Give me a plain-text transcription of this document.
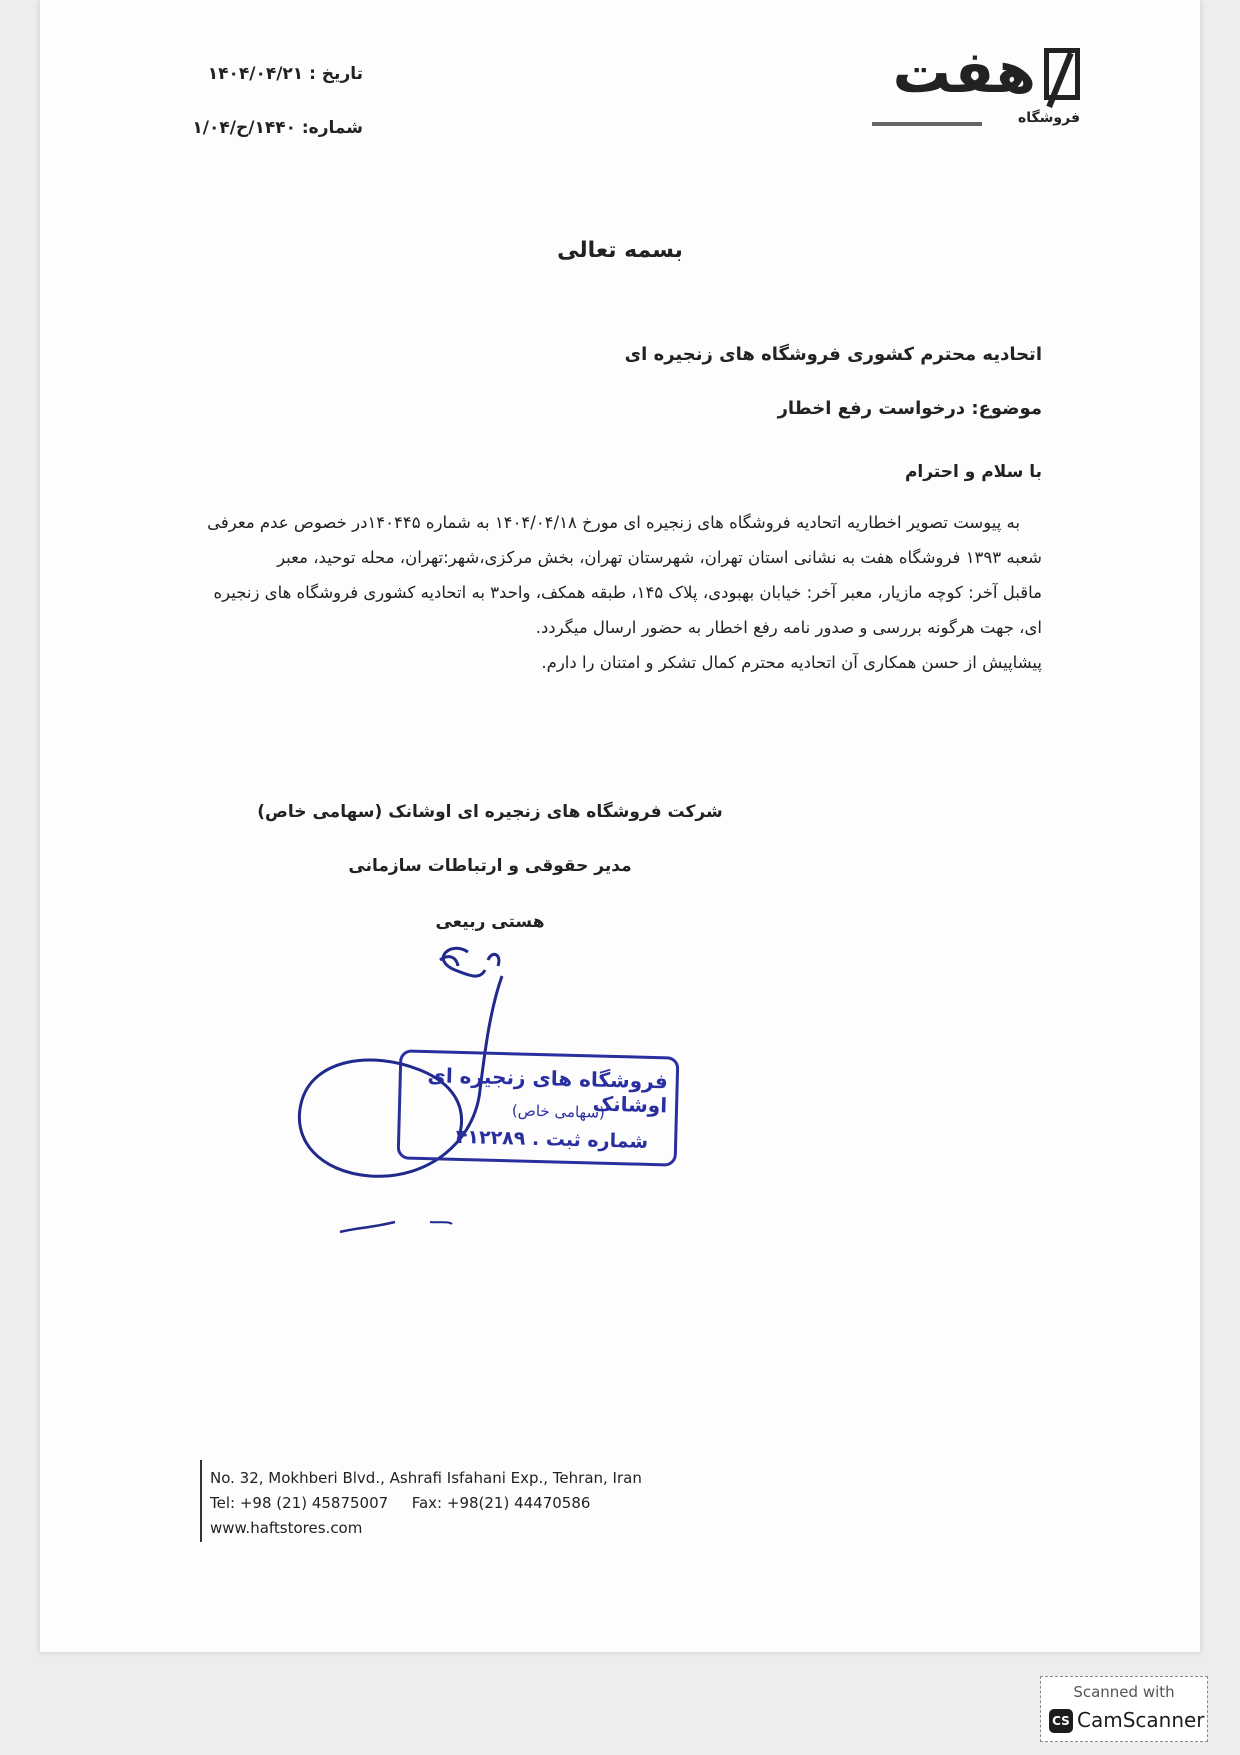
هفت
فروشگاه
تاریخ : ۱۴۰۴/۰۴/۲۱
شماره: ۱۴۴۰/ح/۱/۰۴
بسمه تعالی
اتحادیه محترم کشوری فروشگاه های زنجیره ای
موضوع: درخواست رفع اخطار
با سلام و احترام

به پیوست تصویر اخطاریه اتحادیه فروشگاه های زنجیره ای مورخ ۱۴۰۴/۰۴/۱۸ به شماره ۱۴۰۴۴۵در خصوص عدم معرفی

شعبه ۱۳۹۳ فروشگاه هفت به نشانی استان تهران، شهرستان تهران، بخش مرکزی،شهر:تهران، محله توحید، معبر

ماقبل آخر: کوچه مازیار، معبر آخر: خیابان بهبودی، پلاک ۱۴۵، طبقه همکف، واحد۳ به اتحادیه کشوری فروشگاه های زنجیره

ای، جهت هرگونه بررسی و صدور نامه رفع اخطار به حضور ارسال میگردد.

پیشاپیش از حسن همکاری آن اتحادیه محترم کمال تشکر و امتنان را دارم.

شرکت فروشگاه های زنجیره ای اوشانک (سهامی خاص)
مدیر حقوقی و ارتباطات سازمانی
هستی ربیعی
فروشگاه های زنجیره ای اوشانک
(سهامی خاص)
شماره ثبت . ۴۱۲۲۸۹
No. 32, Mokhberi Blvd., Ashrafi Isfahani Exp., Tehran, Iran
Tel: +98 (21) 45875007 Fax: +98(21) 44470586
www.haftstores.com
Scanned with
CS CamScanner
